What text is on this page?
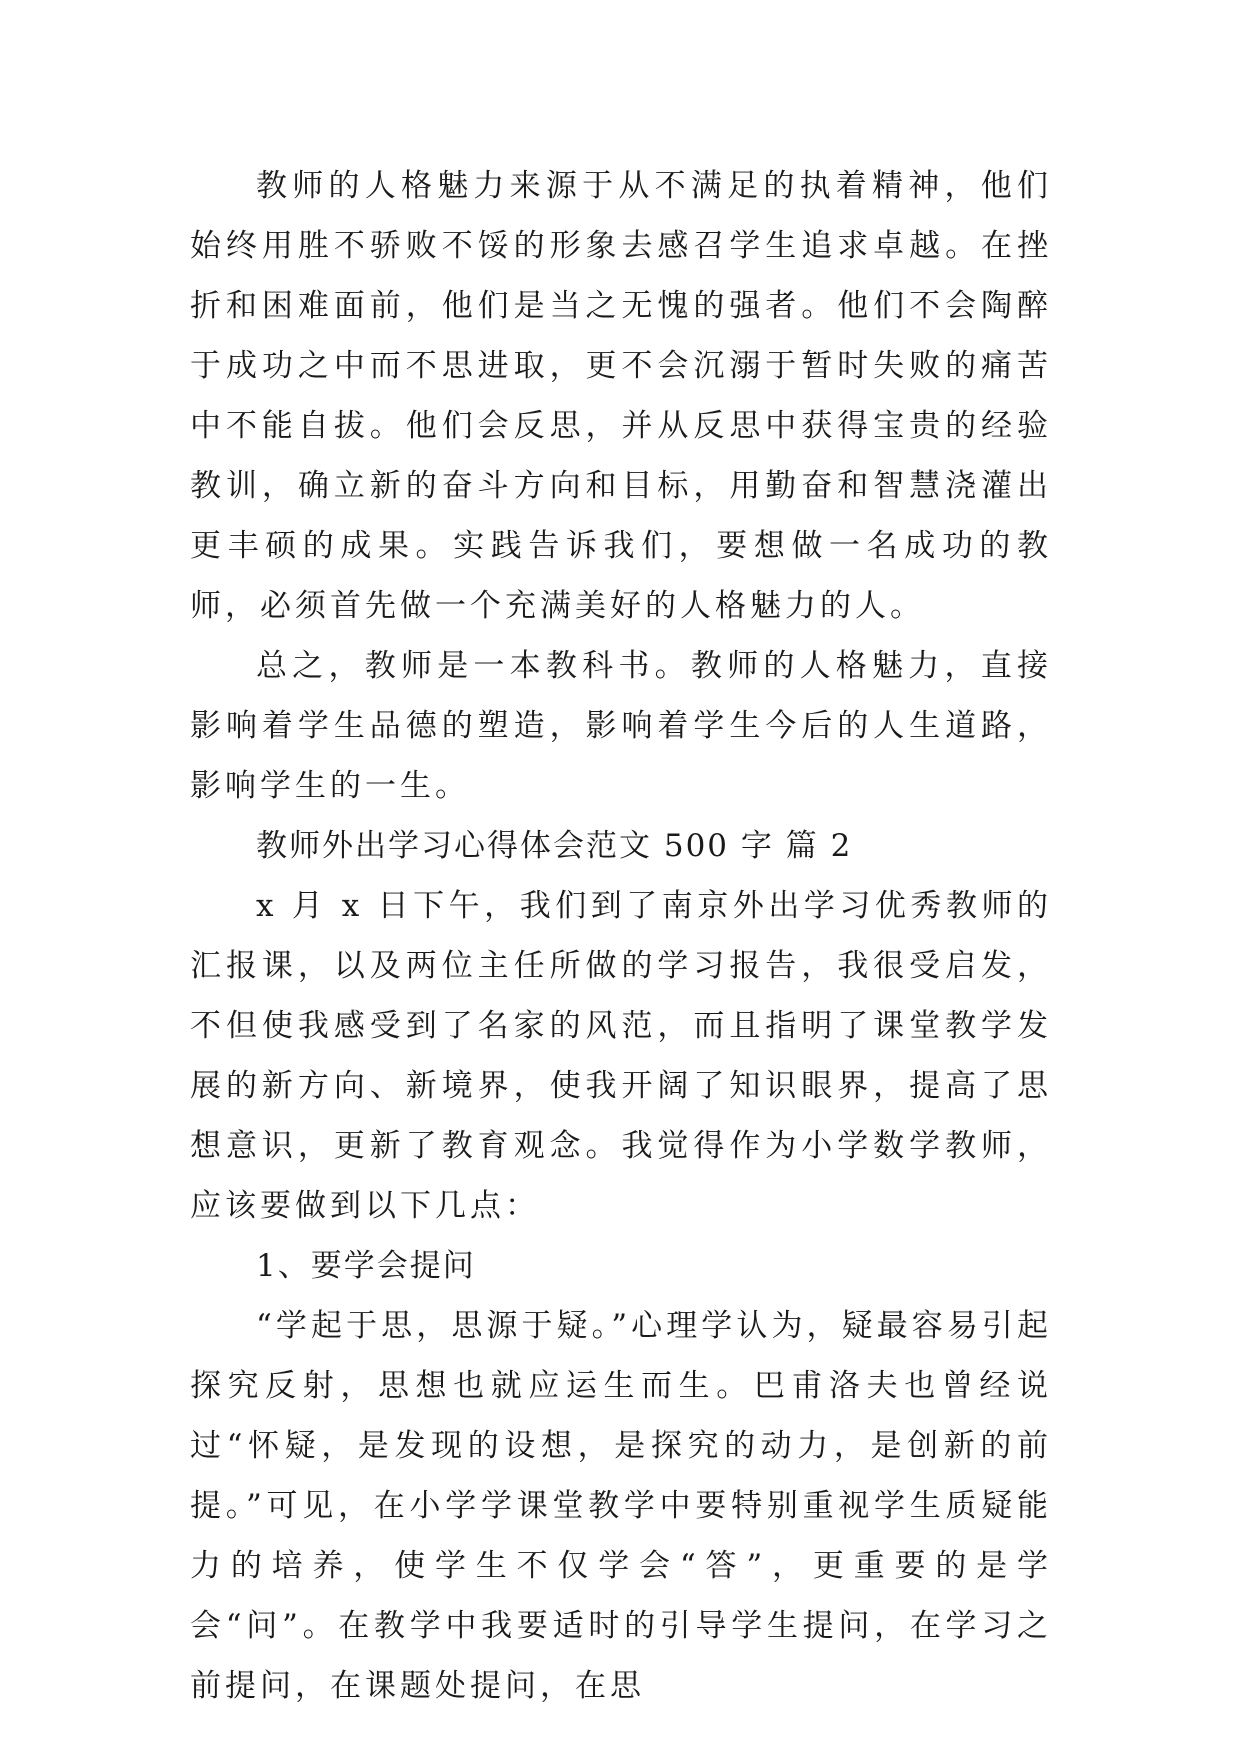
教师的人格魅力来源于从不满足的执着精神，他们始终用胜不骄败不馁的形象去感召学生追求卓越。在挫折和困难面前，他们是当之无愧的强者。他们不会陶醉于成功之中而不思进取，更不会沉溺于暂时失败的痛苦中不能自拔。他们会反思，并从反思中获得宝贵的经验教训，确立新的奋斗方向和目标，用勤奋和智慧浇灌出更丰硕的成果。实践告诉我们，要想做一名成功的教师，必须首先做一个充满美好的人格魅力的人。

总之，教师是一本教科书。教师的人格魅力，直接影响着学生品德的塑造，影响着学生今后的人生道路，影响学生的一生。

教师外出学习心得体会范文 500 字 篇 2

x 月 x 日下午，我们到了南京外出学习优秀教师的汇报课，以及两位主任所做的学习报告，我很受启发，不但使我感受到了名家的风范，而且指明了课堂教学发展的新方向、新境界，使我开阔了知识眼界，提高了思想意识，更新了教育观念。我觉得作为小学数学教师，应该要做到以下几点：

1、要学会提问

“学起于思，思源于疑。”心理学认为，疑最容易引起探究反射，思想也就应运生而生。巴甫洛夫也曾经说过“怀疑，是发现的设想，是探究的动力，是创新的前提。”可见，在小学学课堂教学中要特别重视学生质疑能力的培养，使学生不仅学会“答”，更重要的是学会“问”。在教学中我要适时的引导学生提问，在学习之前提问，在课题处提问，在思
